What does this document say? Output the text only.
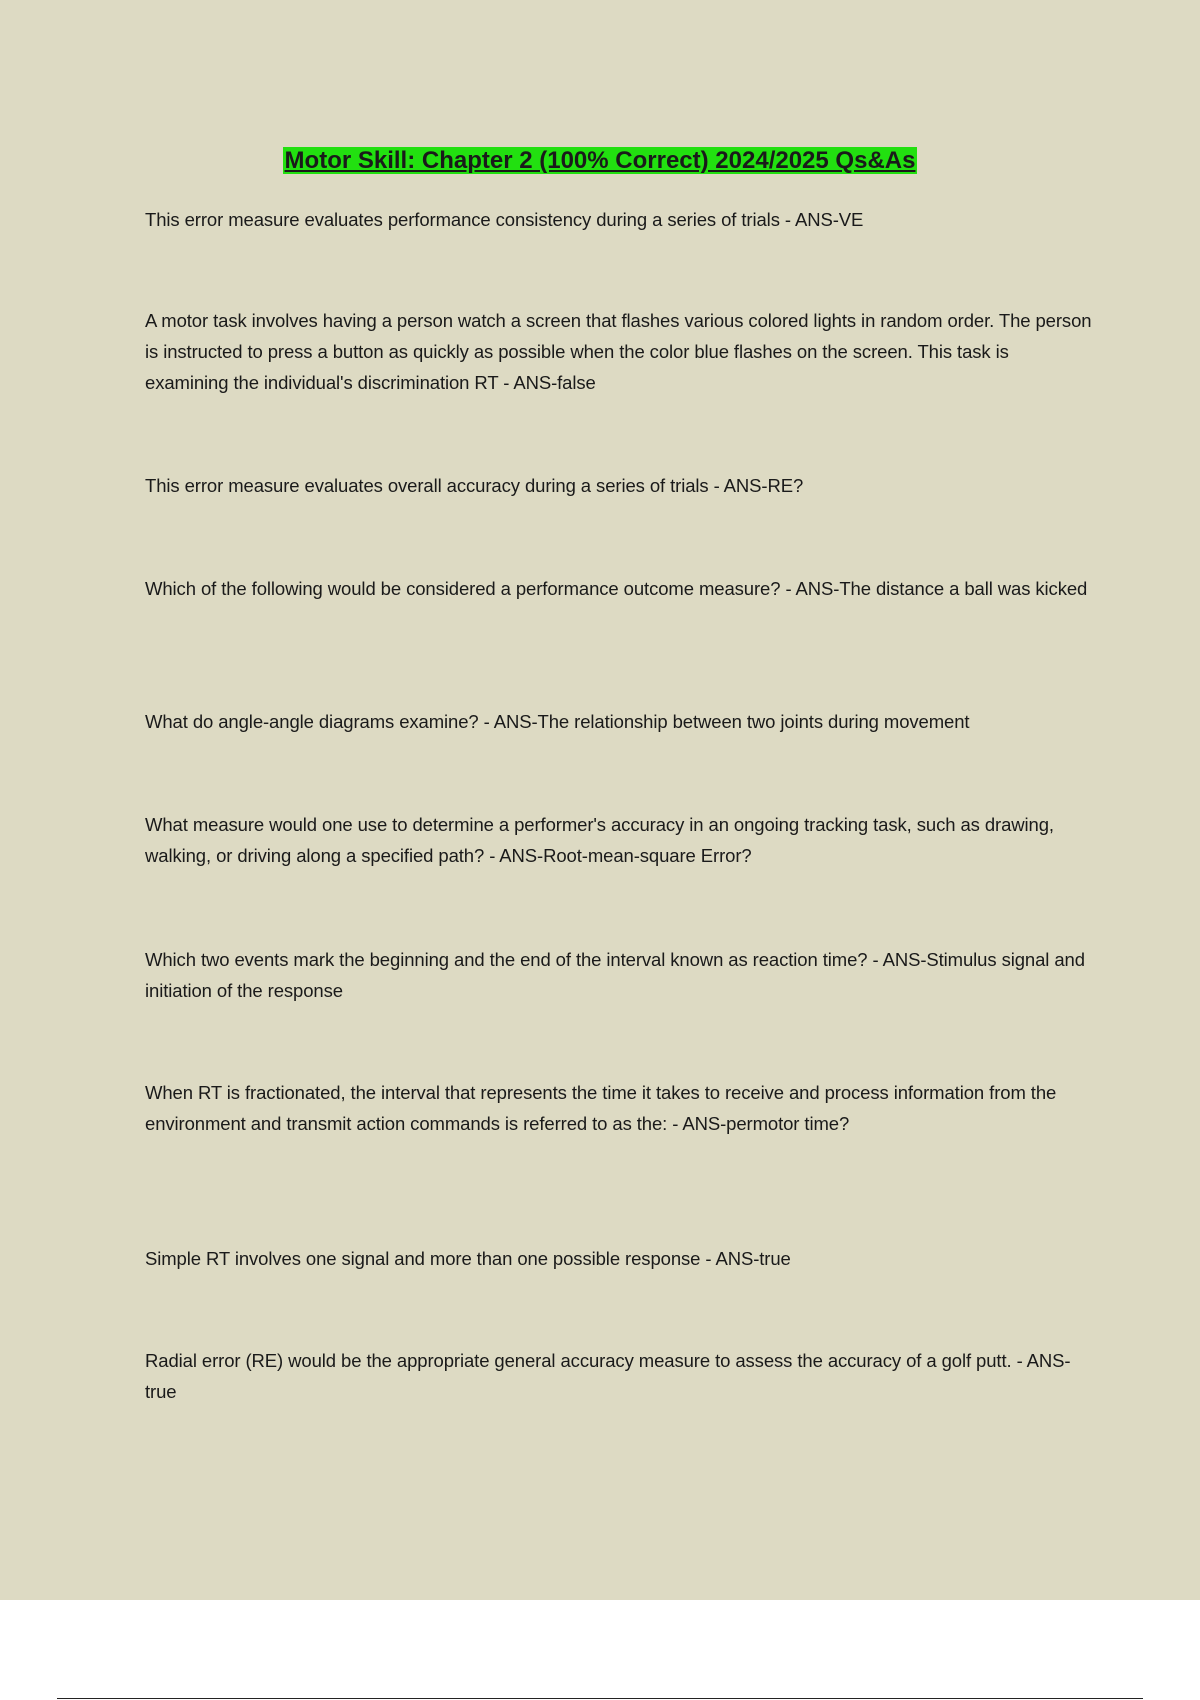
Motor Skill: Chapter 2 (100% Correct) 2024/2025 Qs&As

This error measure evaluates performance consistency during a series of trials - ANS-VE

A motor task involves having a person watch a screen that flashes various colored lights in random order. The person is instructed to press a button as quickly as possible when the color blue flashes on the screen. This task is examining the individual's discrimination RT - ANS-false

This error measure evaluates overall accuracy during a series of trials - ANS-RE?

Which of the following would be considered a performance outcome measure? - ANS-The distance a ball was kicked

What do angle-angle diagrams examine? - ANS-The relationship between two joints during movement

What measure would one use to determine a performer's accuracy in an ongoing tracking task, such as drawing, walking, or driving along a specified path? - ANS-Root-mean-square Error?

Which two events mark the beginning and the end of the interval known as reaction time? - ANS-Stimulus signal and initiation of the response

When RT is fractionated, the interval that represents the time it takes to receive and process information from the environment and transmit action commands is referred to as the: - ANS-permotor time?

Simple RT involves one signal and more than one possible response - ANS-true

Radial error (RE) would be the appropriate general accuracy measure to assess the accuracy of a golf putt. - ANS-true
